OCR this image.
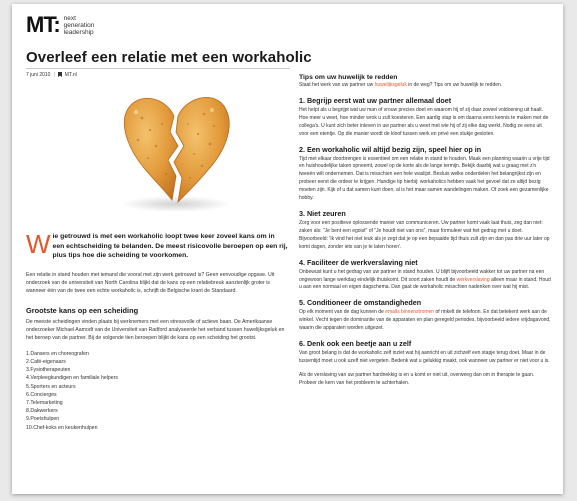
MT: next
generation
leadership
Overleef een relatie met een workaholic
7 juni 2010 | MT.nl

Wie getrouwd is met een workaholic loopt twee keer zoveel kans om in een echtscheiding te belanden. De meest risicovolle beroepen op een rij, plus tips hoe die scheiding te voorkomen.

Een relatie in stand houden met iemand die vooral met zijn werk getrouwd is? Geen eenvoudige opgave. Uit onderzoek van de universiteit van North Carolina blijkt dat de kans op een relatiebreuk aanzienlijk groter is wanneer één van de twee een echte workaholic is, schrijft de Belgische krant de Standaard.

Grootste kans op een scheiding

De meeste scheidingen vinden plaats bij werknemers met een stressvolle of actieve baan. De Amerikaanse onderzoeker Michael Aamodt van de Universiteit van Radford analyseerde het verband tussen huwelijksgeluk en het beroep van de partner. Bij de volgende tien beroepen blijkt de kans op een scheiding het grootst.

1.Dansers en choreografen
2.Café-eigenaars
3.Fysiotherapeuten
4.Verpleegkundigen en familiale helpers
5.Sporters en acteurs
6.Concierges
7.Telemarketing
8.Dakwerkers
9.Poetshulpen
10.Chef-koks en keukenhulpen
Tips om uw huwelijk te redden

Staat het werk van uw partner uw huwelijksgeluk in de weg? Tips om uw huwelijk te redden.

1. Begrijp eerst wat uw partner allemaal doet

Het helpt als u begrijpt wat uw man of vrouw precies doet en waarom hij of zij daar zoveel voldoening uit haalt. Hoe meer u weet, hoe minder wrok u zult koesteren. Een aardig stap is om daarna eens kennis te maken met de collega's. U kunt zich beter inleven in uw partner als u weet met wie hij of zij elke dag werkt. Nodig ze eens uit voor een etentje. Op die manier wordt de kloof tussen werk en privé een stukje gesloten.

2. Een workaholic wil altijd bezig zijn, speel hier op in

Tijd met elkaar doorbrengen is essentieel om een relatie in stand te houden. Maak een planning waarin u vrije tijd en huishoudelijke taken opneemt, zowel op de korte als de lange termijn. Bekijk daarbij wat u graag met z'n tweeën wilt ondernemen. Dat is misschien een hele waslijst. Besluis welke onderdelen het belangrijkst zijn en probeer eerst die ordeer te krijgen. Handige tip hierbij: workaholics hebben vaak het gevoel dat ze altijd bezig moeten zijn. Kijk of u dat samen kunt doen, al is het maar samen wandelingen maken. Of zoek een gezamenlijke hobby.

3. Niet zeuren

Zorg voor een positieve oplossende manier van communiceren. Uw partner komt vaak laat thuis, zeg dan niet: zaken als: "Je bent een egoist" of "Je houdt niet van ons", maar formuleer wat het gedrag met u doet. Bijvoorbeeld: 'Ik vind het niet leuk als je zegt dat je op een bepaalde tijd thuis zult zijn en dan pas drie uur later op komt dagen, zonder iets van je te laten horen'.

4. Faciliteer de werkverslaving niet

Onbewust kunt u het gedrag van uw partner in stand houden. U blijft bijvoorbeeld wakker tot uw partner na een ongewoon lange werkdag eindelijk thuiskomt. Dit soort zaken houdt de werkverslaving alleen maar in stand. Houd u aan een normaal en eigen dagschema. Dan gaat de workaholic misschien nadenken over wat hij mist.

5. Conditioneer de omstandigheden

Op elk moment van de dag kunnen de emails binnenstromen of rinkelt de telefoon. En dat betekent werk aan de winkel. Vecht tegen de dominantie van de apparaten en plan geregeld periodes, bijvoorbeeld iedere vrijdagavond, waarin die apparaten worden uitgezet.

6. Denk ook een beetje aan u zelf

Van groot belang is dat de workaholic zelf inziet wat hij aanricht en uit zichzelf een stapje terug doet. Maar in de tussentijd moet u ook uzelf niet vergeten. Bedenk wat u gelukkig maakt, ook wanneer uw partner er niet voor u is.

Als de verslaving van uw partner hardnekkig is en u komt er niet uit, overweeg dan om in therapie te gaan. Probeer de kern van het probleem te achterhalen.
